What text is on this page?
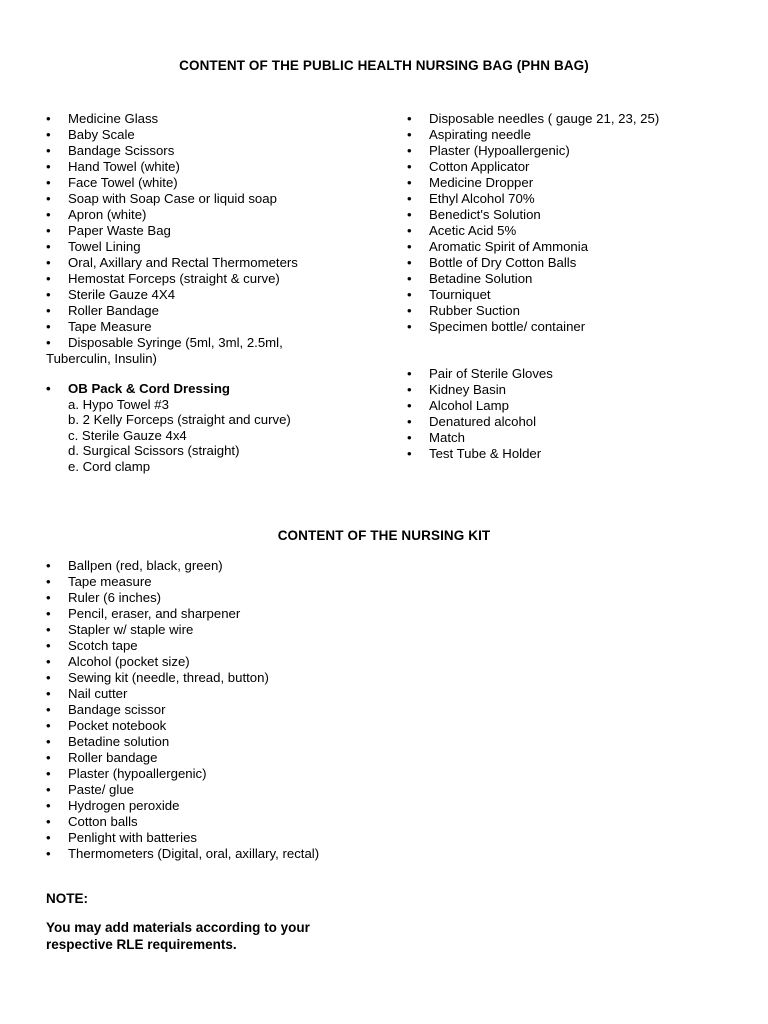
CONTENT OF THE PUBLIC HEALTH NURSING BAG (PHN BAG)
• Medicine Glass
• Baby Scale
• Bandage Scissors
• Hand Towel (white)
• Face Towel (white)
• Soap with Soap Case or liquid soap
• Apron (white)
• Paper Waste Bag
• Towel Lining
• Oral, Axillary and Rectal Thermometers
• Hemostat Forceps (straight & curve)
• Sterile Gauze 4X4
• Roller Bandage
• Tape Measure
• Disposable Syringe (5ml, 3ml, 2.5ml, Tuberculin, Insulin)
• OB Pack & Cord Dressing
a. Hypo Towel #3
b. 2 Kelly Forceps (straight and curve)
c. Sterile Gauze 4x4
d. Surgical Scissors (straight)
e. Cord clamp
• Disposable needles ( gauge 21, 23, 25)
• Aspirating needle
• Plaster (Hypoallergenic)
• Cotton Applicator
• Medicine Dropper
• Ethyl Alcohol 70%
• Benedict's Solution
• Acetic Acid 5%
• Aromatic Spirit of Ammonia
• Bottle of Dry Cotton Balls
• Betadine Solution
• Tourniquet
• Rubber Suction
• Specimen bottle/ container
• Pair of Sterile Gloves
• Kidney Basin
• Alcohol Lamp
• Denatured alcohol
• Match
• Test Tube & Holder
CONTENT OF THE NURSING KIT
• Ballpen (red, black, green)
• Tape measure
• Ruler (6 inches)
• Pencil, eraser, and sharpener
• Stapler w/ staple wire
• Scotch tape
• Alcohol (pocket size)
• Sewing kit (needle, thread, button)
• Nail cutter
• Bandage scissor
• Pocket notebook
• Betadine solution
• Roller bandage
• Plaster (hypoallergenic)
• Paste/ glue
• Hydrogen peroxide
• Cotton balls
• Penlight with batteries
• Thermometers (Digital, oral, axillary, rectal)
NOTE:
You may add materials according to your respective RLE requirements.
